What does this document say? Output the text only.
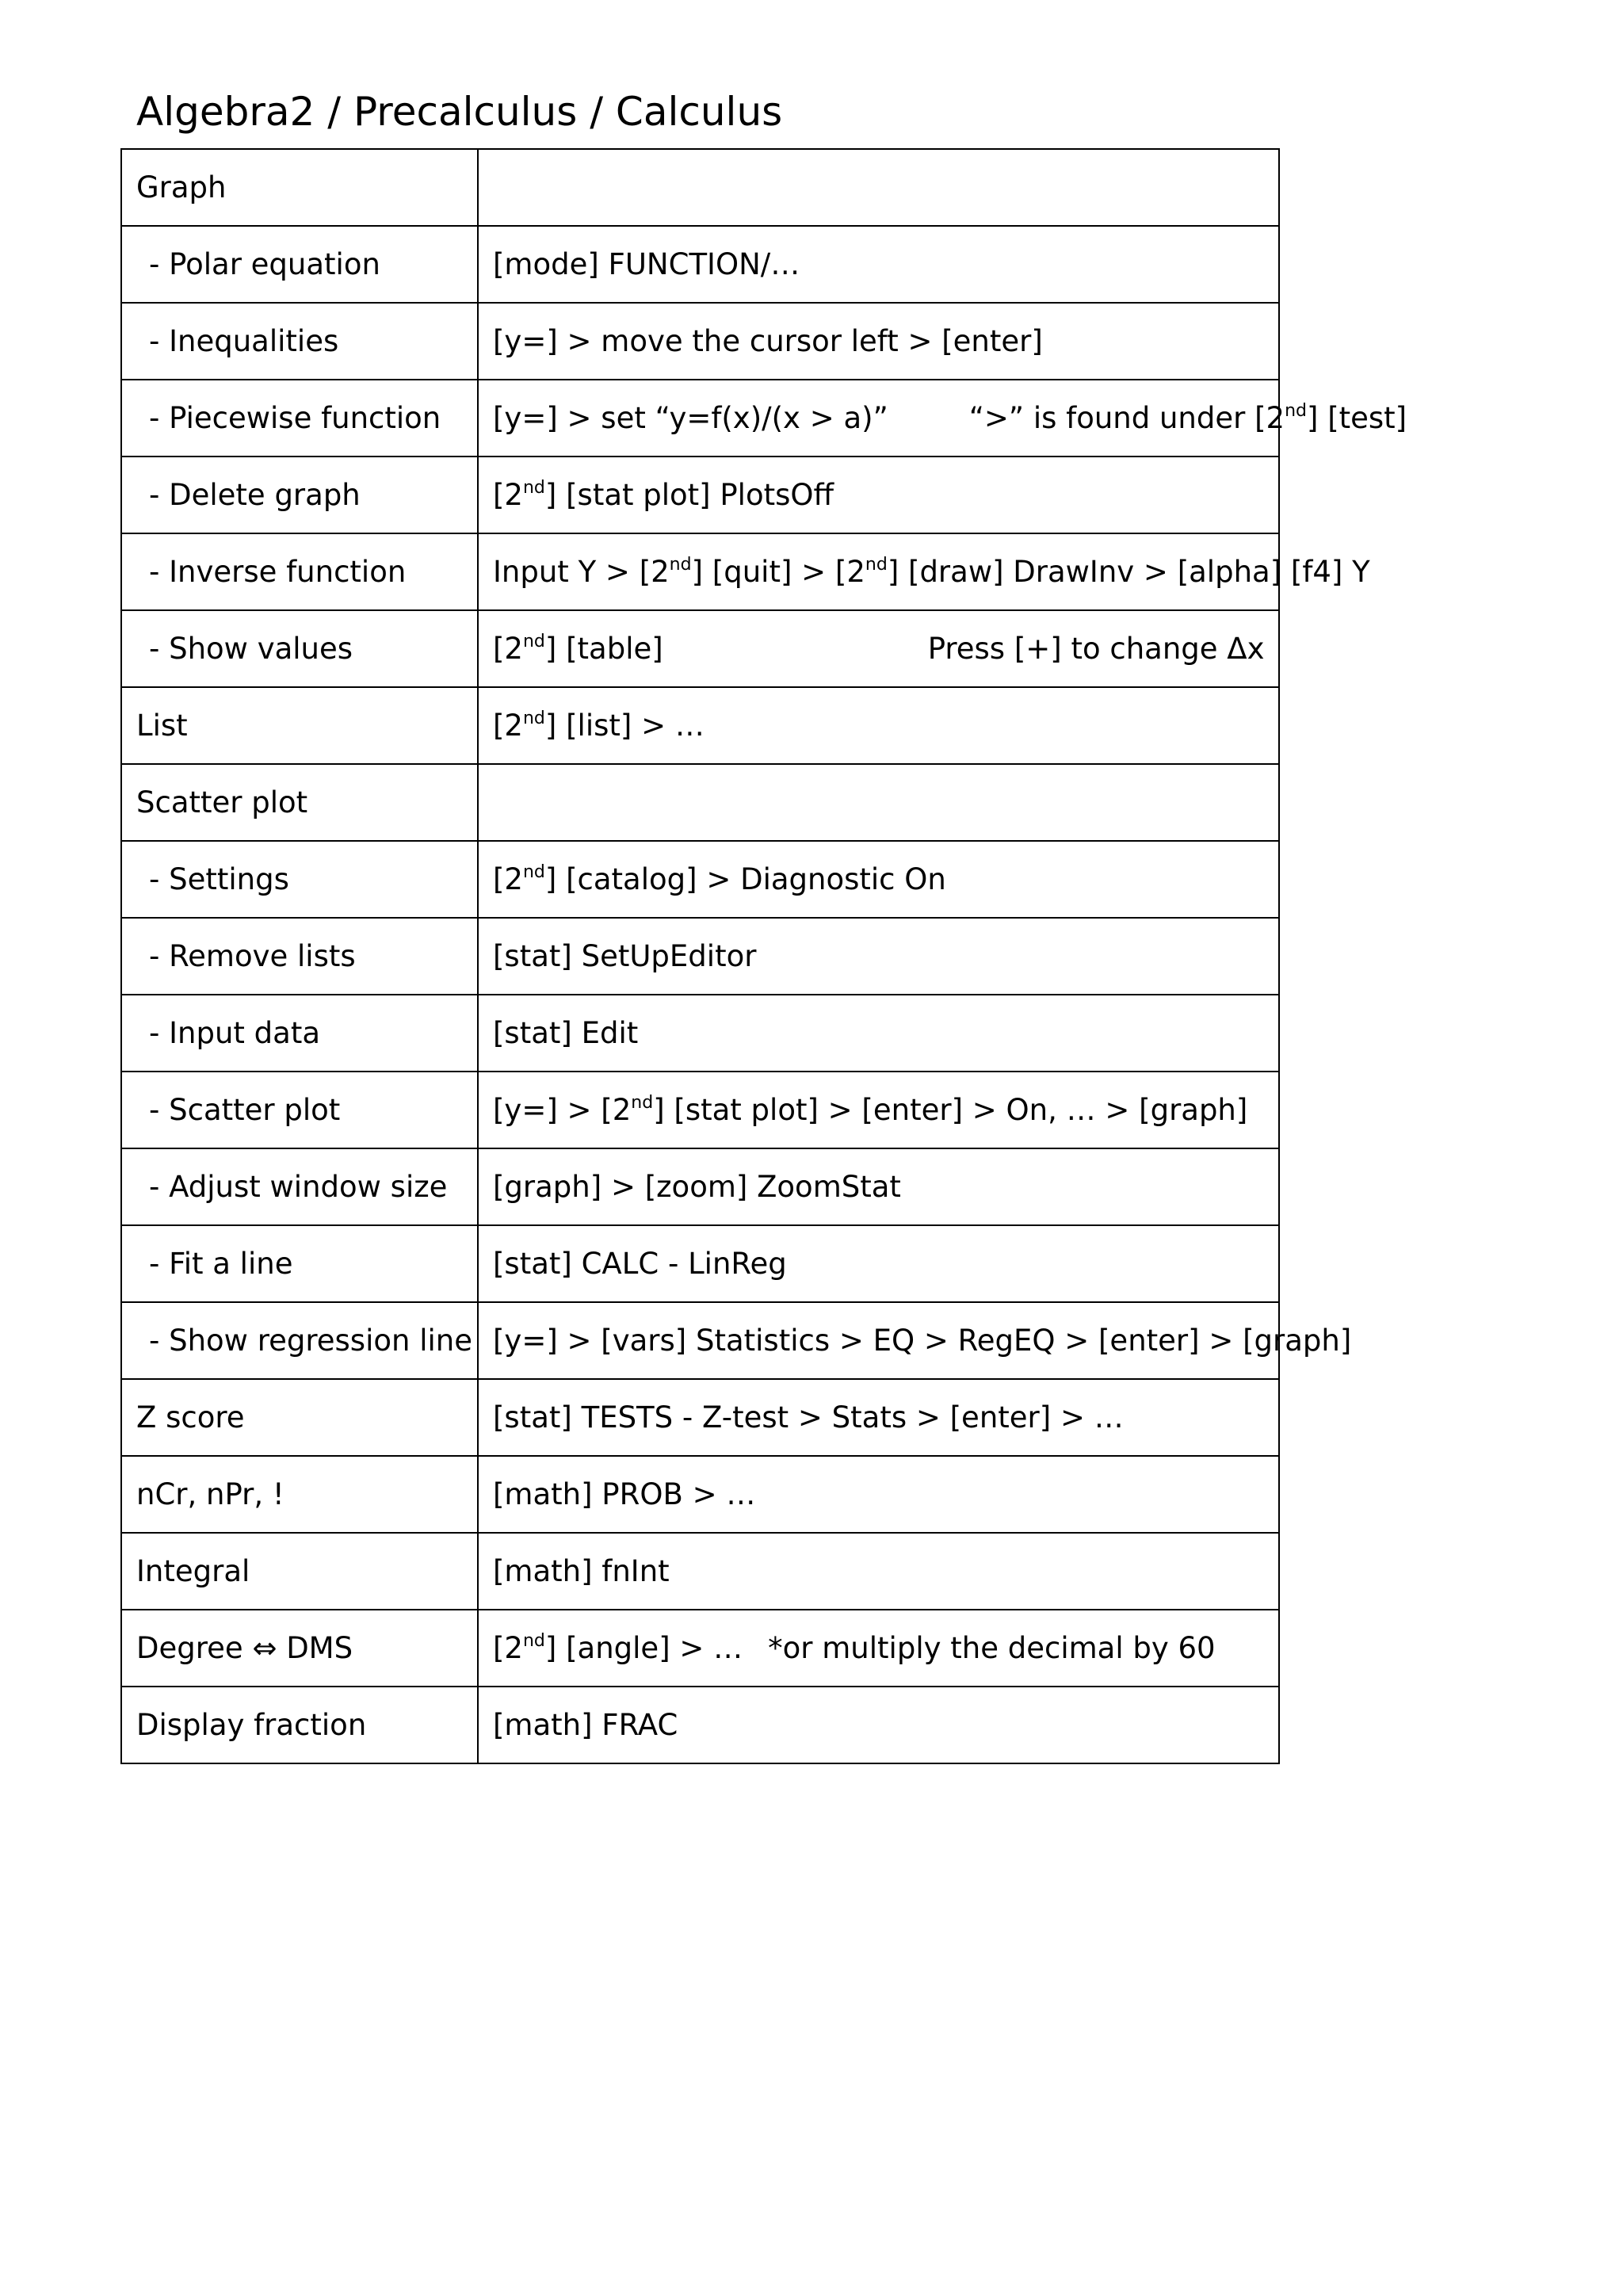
Algebra2 / Precalculus / Calculus
Graph	
- Polar equation	[mode] FUNCTION/…
- Inequalities	[y=] > move the cursor left > [enter]
- Piecewise function	[y=] > set “y=f(x)/(x > a)” “>” is found under [2nd] [test]
- Delete graph	[2nd] [stat plot] PlotsOff
- Inverse function	Input Y > [2nd] [quit] > [2nd] [draw] DrawInv > [alpha] [f4] Y
- Show values	[2nd] [table] Press [+] to change Δx
List	[2nd] [list] > …
Scatter plot	
- Settings	[2nd] [catalog] > Diagnostic On
- Remove lists	[stat] SetUpEditor
- Input data	[stat] Edit
- Scatter plot	[y=] > [2nd] [stat plot] > [enter] > On, … > [graph]
- Adjust window size	[graph] > [zoom] ZoomStat
- Fit a line	[stat] CALC - LinReg
- Show regression line	[y=] > [vars] Statistics > EQ > RegEQ > [enter] > [graph]
Z score	[stat] TESTS - Z-test > Stats > [enter] > …
nCr, nPr, !	[math] PROB > …
Integral	[math] fnInt
Degree ⇔ DMS	[2nd] [angle] > … *or multiply the decimal by 60
Display fraction	[math] FRAC
